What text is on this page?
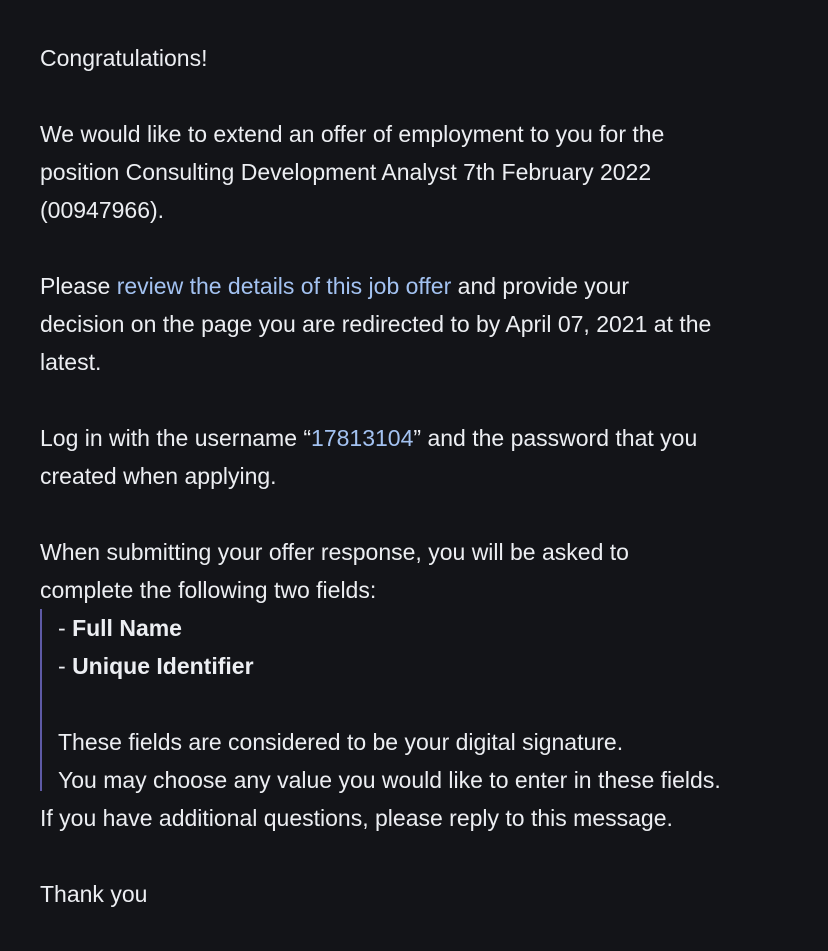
Congratulations!
We would like to extend an offer of employment to you for the
position Consulting Development Analyst 7th February 2022
(00947966).
Please review the details of this job offer and provide your
decision on the page you are redirected to by April 07, 2021 at the
latest.
Log in with the username “17813104” and the password that you
created when applying.
When submitting your offer response, you will be asked to
complete the following two fields:
- Full Name
- Unique Identifier
These fields are considered to be your digital signature.
You may choose any value you would like to enter in these fields.
If you have additional questions, please reply to this message.
Thank you
